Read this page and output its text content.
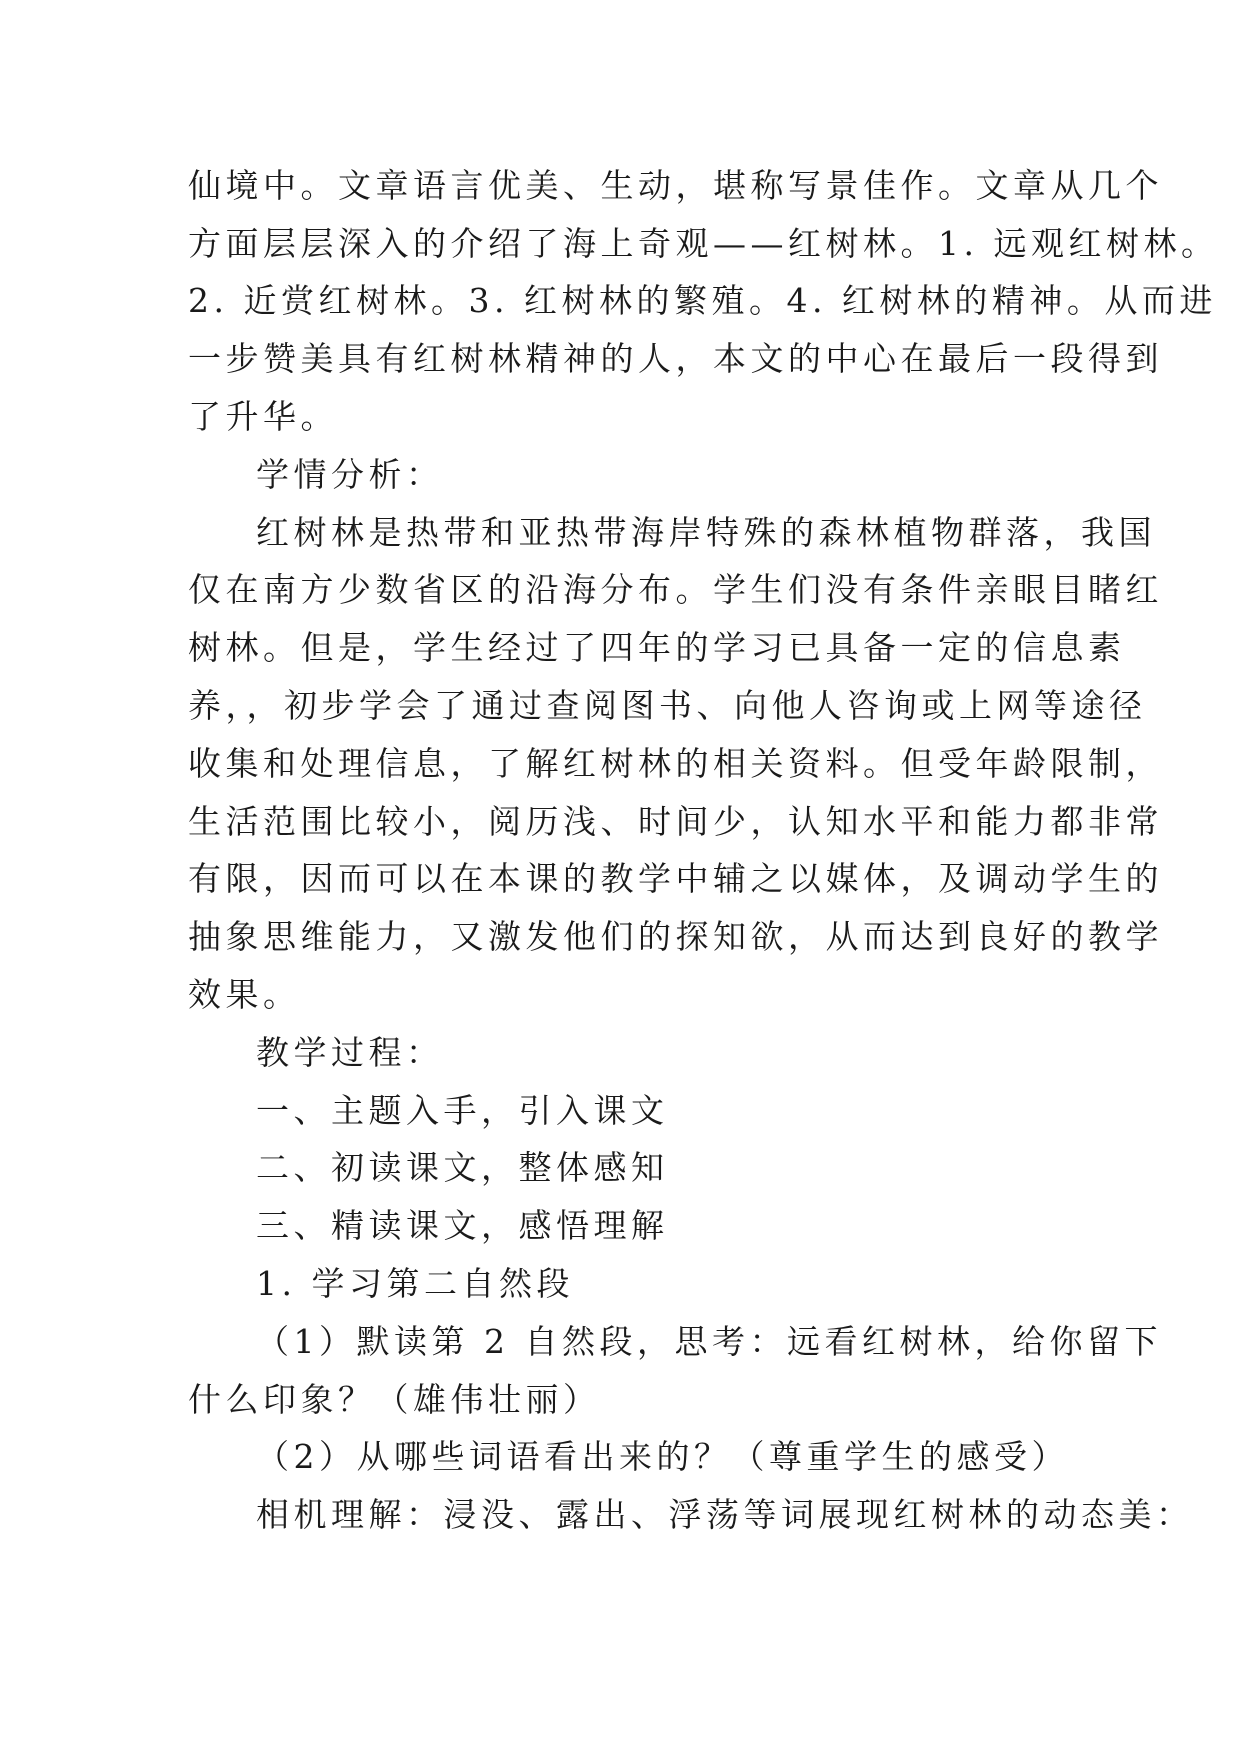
仙境中。文章语言优美、生动，堪称写景佳作。文章从几个

方面层层深入的介绍了海上奇观——红树林。1. 远观红树林。

2. 近赏红树林。3. 红树林的繁殖。4. 红树林的精神。从而进

一步赞美具有红树林精神的人，本文的中心在最后一段得到

了升华。

学情分析：

红树林是热带和亚热带海岸特殊的森林植物群落，我国

仅在南方少数省区的沿海分布。学生们没有条件亲眼目睹红

树林。但是，学生经过了四年的学习已具备一定的信息素

养，，初步学会了通过查阅图书、向他人咨询或上网等途径

收集和处理信息，了解红树林的相关资料。但受年龄限制，

生活范围比较小，阅历浅、时间少，认知水平和能力都非常

有限，因而可以在本课的教学中辅之以媒体，及调动学生的

抽象思维能力，又激发他们的探知欲，从而达到良好的教学

效果。

教学过程：

一、主题入手，引入课文

二、初读课文，整体感知

三、精读课文，感悟理解

1. 学习第二自然段

（1）默读第 2 自然段，思考：远看红树林，给你留下

什么印象？（雄伟壮丽）

（2）从哪些词语看出来的？（尊重学生的感受）

相机理解：浸没、露出、浮荡等词展现红树林的动态美：
